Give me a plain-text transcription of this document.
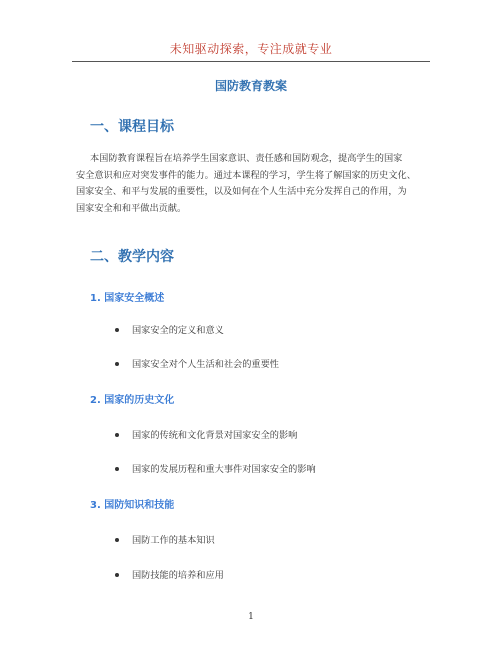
未知驱动探索，专注成就专业
国防教育教案
一、课程目标
本国防教育课程旨在培养学生国家意识、责任感和国防观念，提高学生的国家
安全意识和应对突发事件的能力。通过本课程的学习，学生将了解国家的历史文化、
国家安全、和平与发展的重要性，以及如何在个人生活中充分发挥自己的作用，为
国家安全和和平做出贡献。
二、教学内容
1. 国家安全概述
国家安全的定义和意义
国家安全对个人生活和社会的重要性
2. 国家的历史文化
国家的传统和文化背景对国家安全的影响
国家的发展历程和重大事件对国家安全的影响
3. 国防知识和技能
国防工作的基本知识
国防技能的培养和应用
1
